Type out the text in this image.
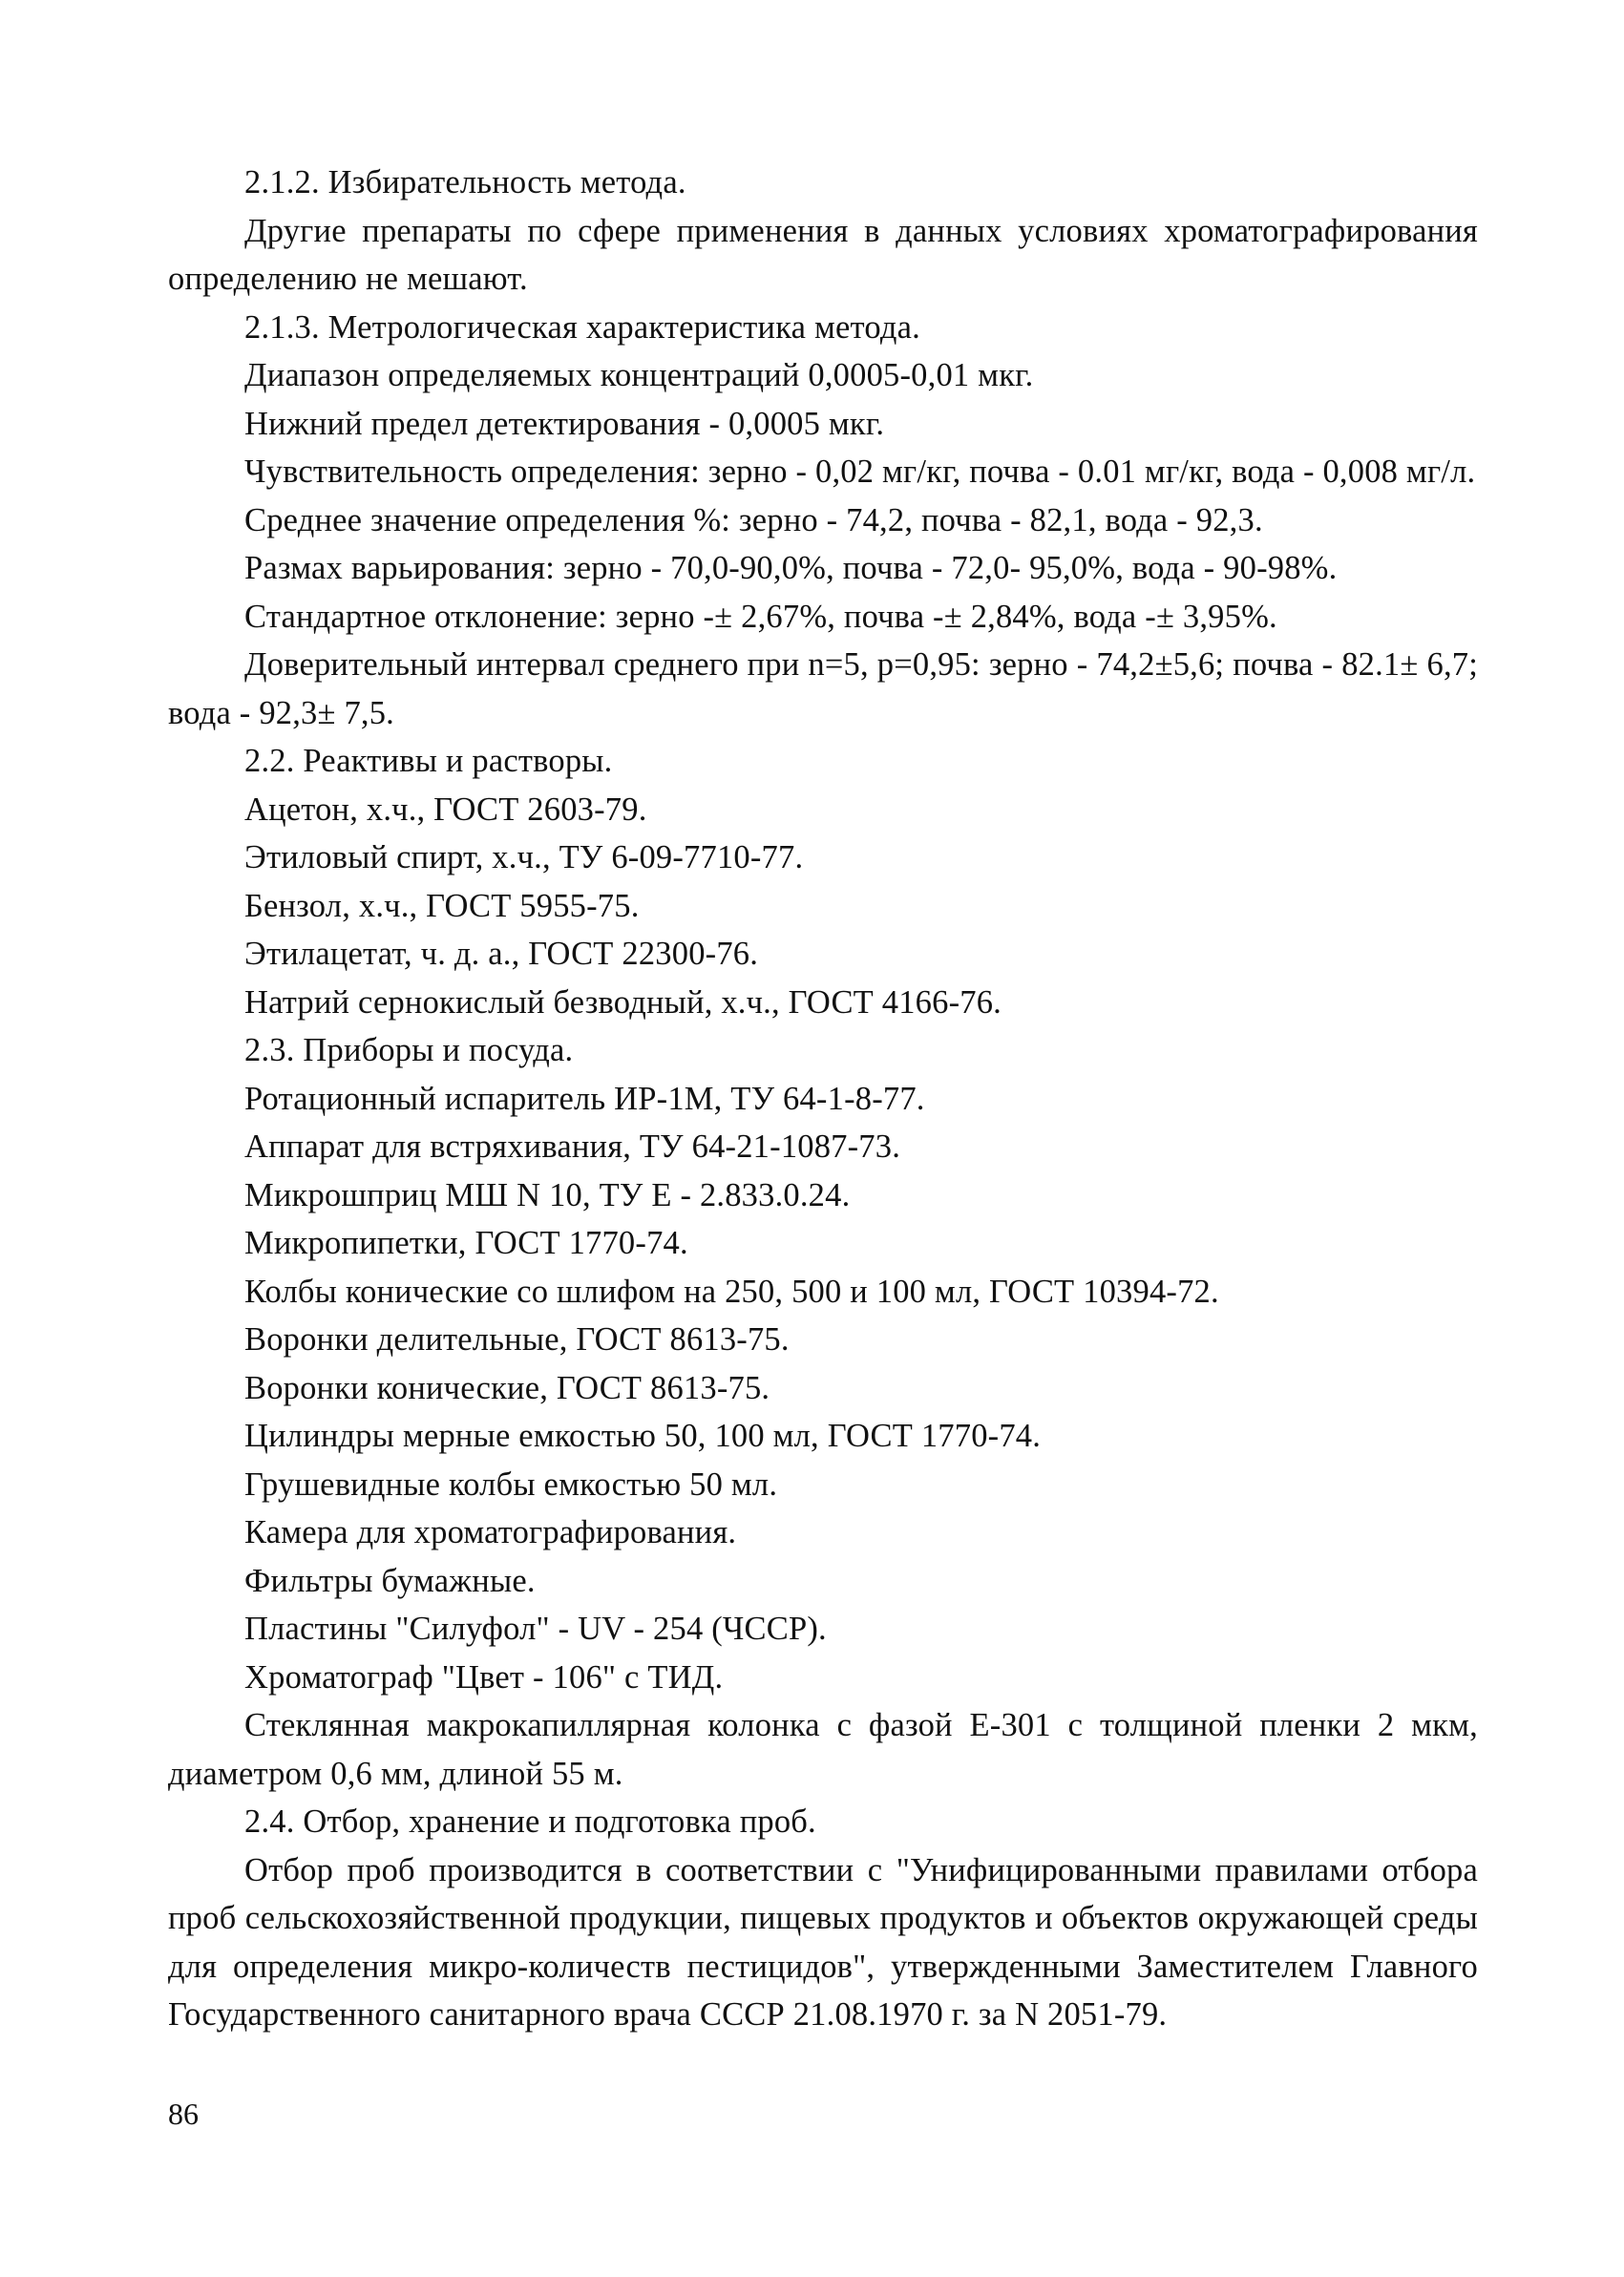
2.1.2. Избирательность метода.

Другие препараты по сфере применения в данных условиях хроматографирования определению не мешают.

2.1.3. Метрологическая характеристика метода.

Диапазон определяемых концентраций 0,0005-0,01 мкг.

Нижний предел детектирования - 0,0005 мкг.

Чувствительность определения: зерно - 0,02 мг/кг, почва - 0.01 мг/кг, вода - 0,008 мг/л.

Среднее значение определения %: зерно - 74,2, почва - 82,1, вода - 92,3.

Размах варьирования: зерно - 70,0-90,0%, почва - 72,0- 95,0%, вода - 90-98%.

Стандартное отклонение: зерно -± 2,67%, почва -± 2,84%, вода -± 3,95%.

Доверительный интервал среднего при n=5, p=0,95: зерно - 74,2±5,6; почва - 82.1± 6,7; вода - 92,3± 7,5.

2.2. Реактивы и растворы.

Ацетон, х.ч., ГОСТ 2603-79.

Этиловый спирт, х.ч., ТУ 6-09-7710-77.

Бензол, х.ч., ГОСТ 5955-75.

Этилацетат, ч. д. а., ГОСТ 22300-76.

Натрий сернокислый безводный, х.ч., ГОСТ 4166-76.

2.3. Приборы и посуда.

Ротационный испаритель ИР-1М, ТУ 64-1-8-77.

Аппарат для встряхивания, ТУ 64-21-1087-73.

Микрошприц МШ N 10, ТУ Е - 2.833.0.24.

Микропипетки, ГОСТ 1770-74.

Колбы конические со шлифом на 250, 500 и 100 мл, ГОСТ 10394-72.

Воронки делительные, ГОСТ 8613-75.

Воронки конические, ГОСТ 8613-75.

Цилиндры мерные емкостью 50, 100 мл, ГОСТ 1770-74.

Грушевидные колбы емкостью 50 мл.

Камера для хроматографирования.

Фильтры бумажные.

Пластины "Силуфол" - UV - 254 (ЧССР).

Хроматограф "Цвет - 106" с ТИД.

Стеклянная макрокапиллярная колонка с фазой Е-301 с толщиной пленки 2 мкм, диаметром 0,6 мм, длиной 55 м.

2.4. Отбор, хранение и подготовка проб.

Отбор проб производится в соответствии с "Унифицированными правилами отбора проб сельскохозяйственной продукции, пищевых продуктов и объектов окружающей среды для определения микро-количеств пестицидов", утвержденными Заместителем Главного Государственного санитарного врача СССР 21.08.1970 г. за N 2051-79.

86
